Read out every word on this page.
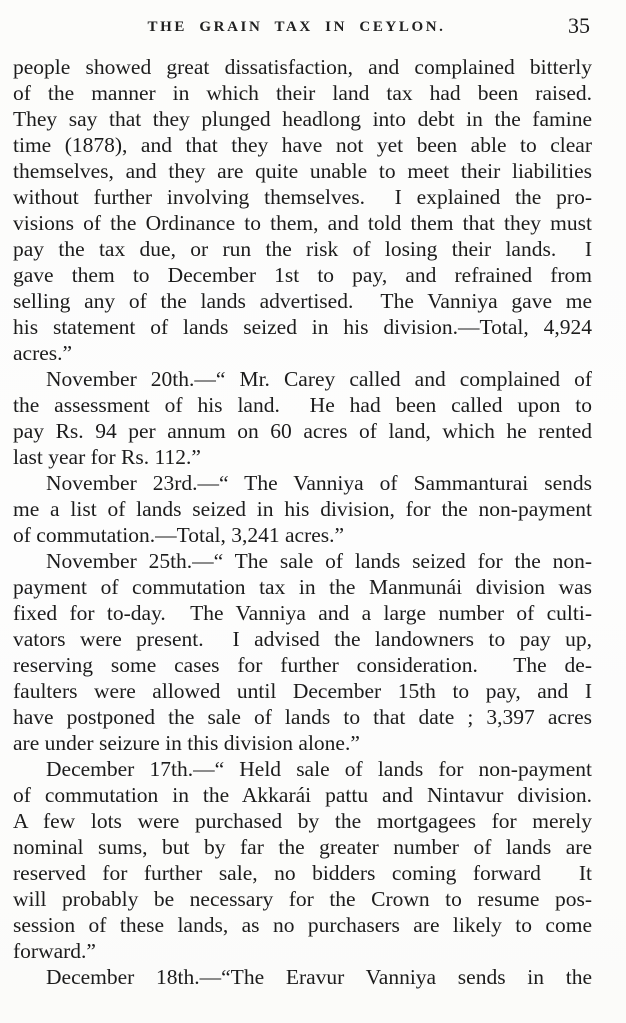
THE GRAIN TAX IN CEYLON.	35
people showed great dissatisfaction, and complained bitterly
of the manner in which their land tax had been raised.
They say that they plunged headlong into debt in the famine
time (1878), and that they have not yet been able to clear
themselves, and they are quite unable to meet their liabilities
without further involving themselves.  I explained the pro-
visions of the Ordinance to them, and told them that they must
pay the tax due, or run the risk of losing their lands.  I
gave them to December 1st to pay, and refrained from
selling any of the lands advertised.  The Vanniya gave me
his statement of lands seized in his division.—Total, 4,924
acres.”
November 20th.—“ Mr. Carey called and complained of
the assessment of his land.  He had been called upon to
pay Rs. 94 per annum on 60 acres of land, which he rented
last year for Rs. 112.”
November 23rd.—“ The Vanniya of Sammanturai sends
me a list of lands seized in his division, for the non-payment
of commutation.—Total, 3,241 acres.”
November 25th.—“ The sale of lands seized for the non-
payment of commutation tax in the Manmunái division was
fixed for to-day.  The Vanniya and a large number of culti-
vators were present.  I advised the landowners to pay up,
reserving some cases for further consideration.  The de-
faulters were allowed until December 15th to pay, and I
have postponed the sale of lands to that date ; 3,397 acres
are under seizure in this division alone.”
December 17th.—“ Held sale of lands for non-payment
of commutation in the Akkarái pattu and Nintavur division.
A few lots were purchased by the mortgagees for merely
nominal sums, but by far the greater number of lands are
reserved for further sale, no bidders coming forward  It
will probably be necessary for the Crown to resume pos-
session of these lands, as no purchasers are likely to come
forward.”
December 18th.—“The Eravur Vanniya sends in the
